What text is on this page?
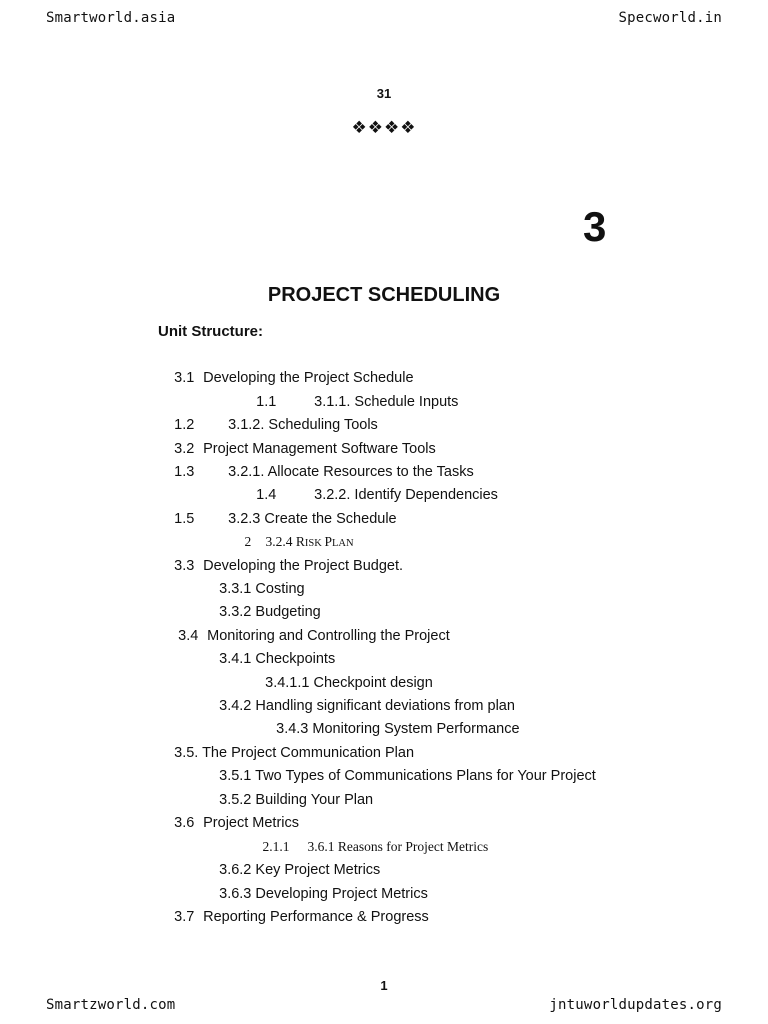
Smartworld.asia	Specworld.in
31
❖❖❖❖
3
PROJECT SCHEDULING
Unit Structure:

3.1 Developing the Project Schedule

1.1	3.1.1. Schedule Inputs

1.2 3.1.2. Scheduling Tools

3.2 Project Management Software Tools

1.3 3.2.1. Allocate Resources to the Tasks

1.4	3.2.2. Identify Dependencies

1.5 3.2.3 Create the Schedule

2 3.2.4 RISK PLAN

3.3 Developing the Project Budget.

3.3.1 Costing

3.3.2 Budgeting

3.4 Monitoring and Controlling the Project

3.4.1 Checkpoints

3.4.1.1 Checkpoint design

3.4.2 Handling significant deviations from plan

3.4.3 Monitoring System Performance

3.5. The Project Communication Plan

3.5.1 Two Types of Communications Plans for Your Project

3.5.2 Building Your Plan

3.6 Project Metrics

2.1.1 3.6.1 Reasons for Project Metrics

3.6.2 Key Project Metrics

3.6.3 Developing Project Metrics

3.7 Reporting Performance & Progress

1
Smartzworld.com	jntuworldupdates.org
